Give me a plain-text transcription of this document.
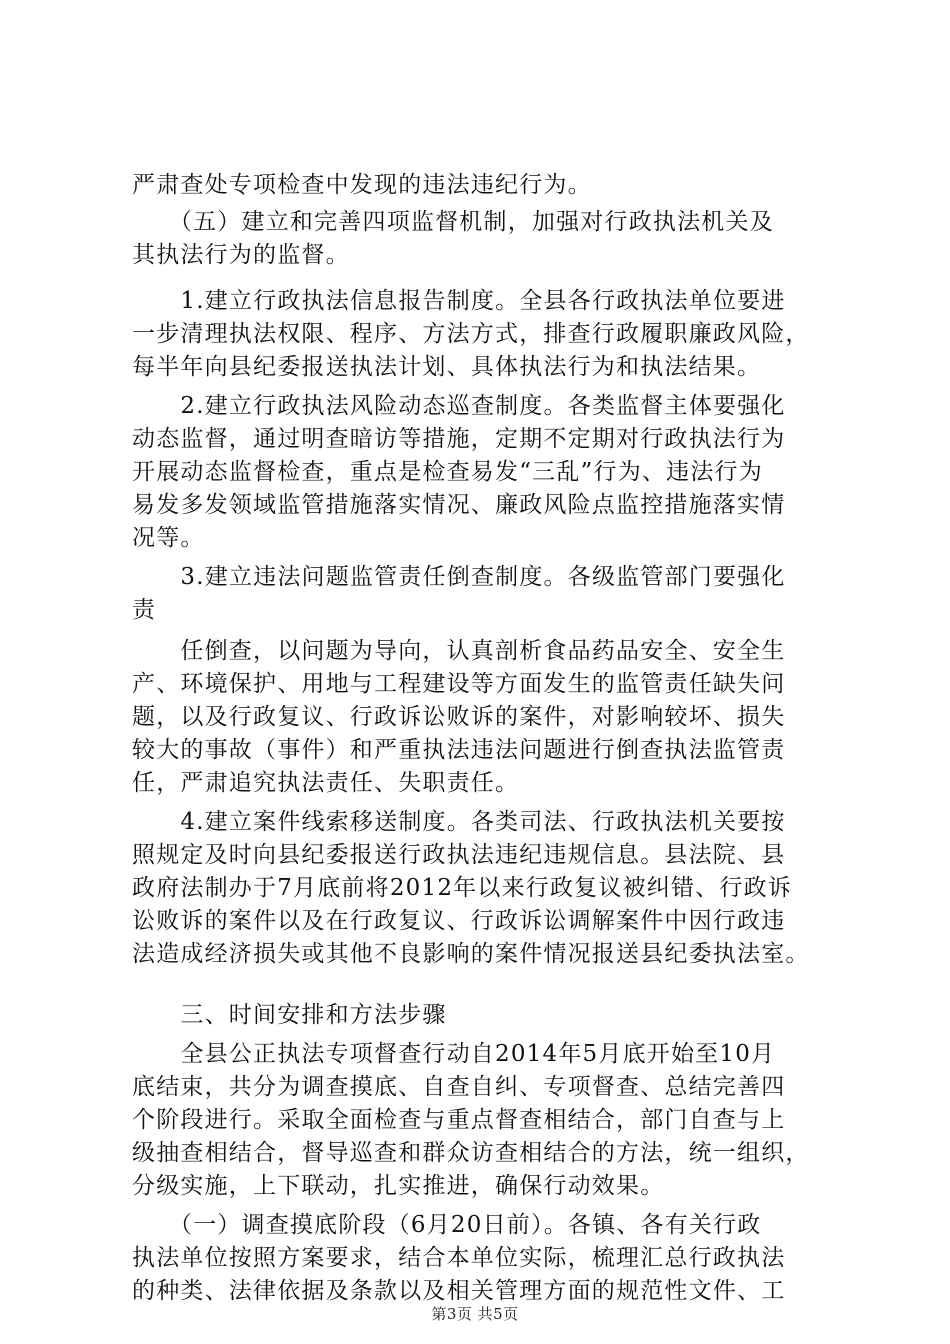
严肃查处专项检查中发现的违法违纪行为。
　　（五）建立和完善四项监督机制，加强对行政执法机关及
其执法行为的监督。
　　1.建立行政执法信息报告制度。全县各行政执法单位要进
一步清理执法权限、程序、方法方式，排查行政履职廉政风险，
每半年向县纪委报送执法计划、具体执法行为和执法结果。
　　2.建立行政执法风险动态巡查制度。各类监督主体要强化
动态监督，通过明查暗访等措施，定期不定期对行政执法行为
开展动态监督检查，重点是检查易发“三乱”行为、违法行为
易发多发领域监管措施落实情况、廉政风险点监控措施落实情
况等。
　　3.建立违法问题监管责任倒查制度。各级监管部门要强化
责
　　任倒查，以问题为导向，认真剖析食品药品安全、安全生
产、环境保护、用地与工程建设等方面发生的监管责任缺失问
题，以及行政复议、行政诉讼败诉的案件，对影响较坏、损失
较大的事故（事件）和严重执法违法问题进行倒查执法监管责
任，严肃追究执法责任、失职责任。
　　4.建立案件线索移送制度。各类司法、行政执法机关要按
照规定及时向县纪委报送行政执法违纪违规信息。县法院、县
政府法制办于7月底前将2012年以来行政复议被纠错、行政诉
讼败诉的案件以及在行政复议、行政诉讼调解案件中因行政违
法造成经济损失或其他不良影响的案件情况报送县纪委执法室。
　　三、时间安排和方法步骤
　　全县公正执法专项督查行动自2014年5月底开始至10月
底结束，共分为调查摸底、自查自纠、专项督查、总结完善四
个阶段进行。采取全面检查与重点督查相结合，部门自查与上
级抽查相结合，督导巡查和群众访查相结合的方法，统一组织，
分级实施，上下联动，扎实推进，确保行动效果。
　　（一）调查摸底阶段（6月20日前）。各镇、各有关行政
执法单位按照方案要求，结合本单位实际，梳理汇总行政执法
的种类、法律依据及条款以及相关管理方面的规范性文件、工
第3页 共5页
